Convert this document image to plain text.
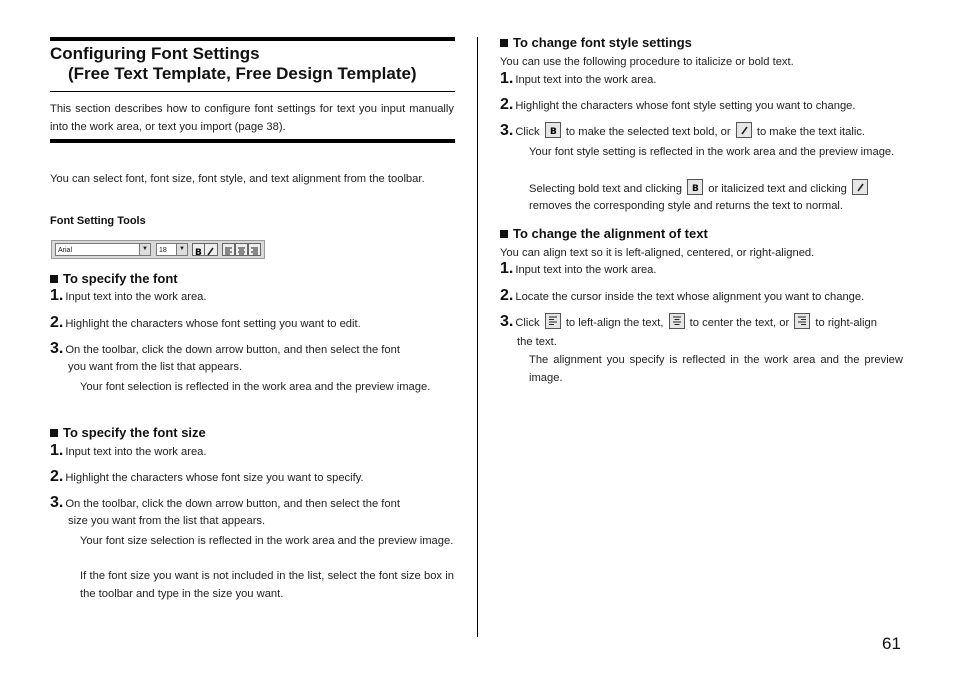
Configuring Font Settings
(Free Text Template, Free Design Template)
This section describes how to configure font settings for text you input manually into the work area, or text you import (page 38).
You can select font, font size, font style, and text alignment from the toolbar.
Font Setting Tools
Arial	▼	18	▼ B
To specify the font
1. Input text into the work area.
2. Highlight the characters whose font setting you want to edit.
3. On the toolbar, click the down arrow button, and then select the font
you want from the list that appears.
Your font selection is reflected in the work area and the preview image.
To specify the font size
1. Input text into the work area.
2. Highlight the characters whose font size you want to specify.
3. On the toolbar, click the down arrow button, and then select the font
size you want from the list that appears.
Your font size selection is reflected in the work area and the preview image.
If the font size you want is not included in the list, select the font size box in the toolbar and type in the size you want.
To change font style settings
You can use the following procedure to italicize or bold text.
1. Input text into the work area.
2. Highlight the characters whose font style setting you want to change.
3. Click B to make the selected text bold, or to make the text italic.
Your font style setting is reflected in the work area and the preview image.
Selecting bold text and clicking B or italicized text and clicking
removes the corresponding style and returns the text to normal.
To change the alignment of text
You can align text so it is left-aligned, centered, or right-aligned.
1. Input text into the work area.
2. Locate the cursor inside the text whose alignment you want to change.
3. Click to left-align the text, to center the text, or to right-align
the text.
The alignment you specify is reflected in the work area and the preview image.
61
